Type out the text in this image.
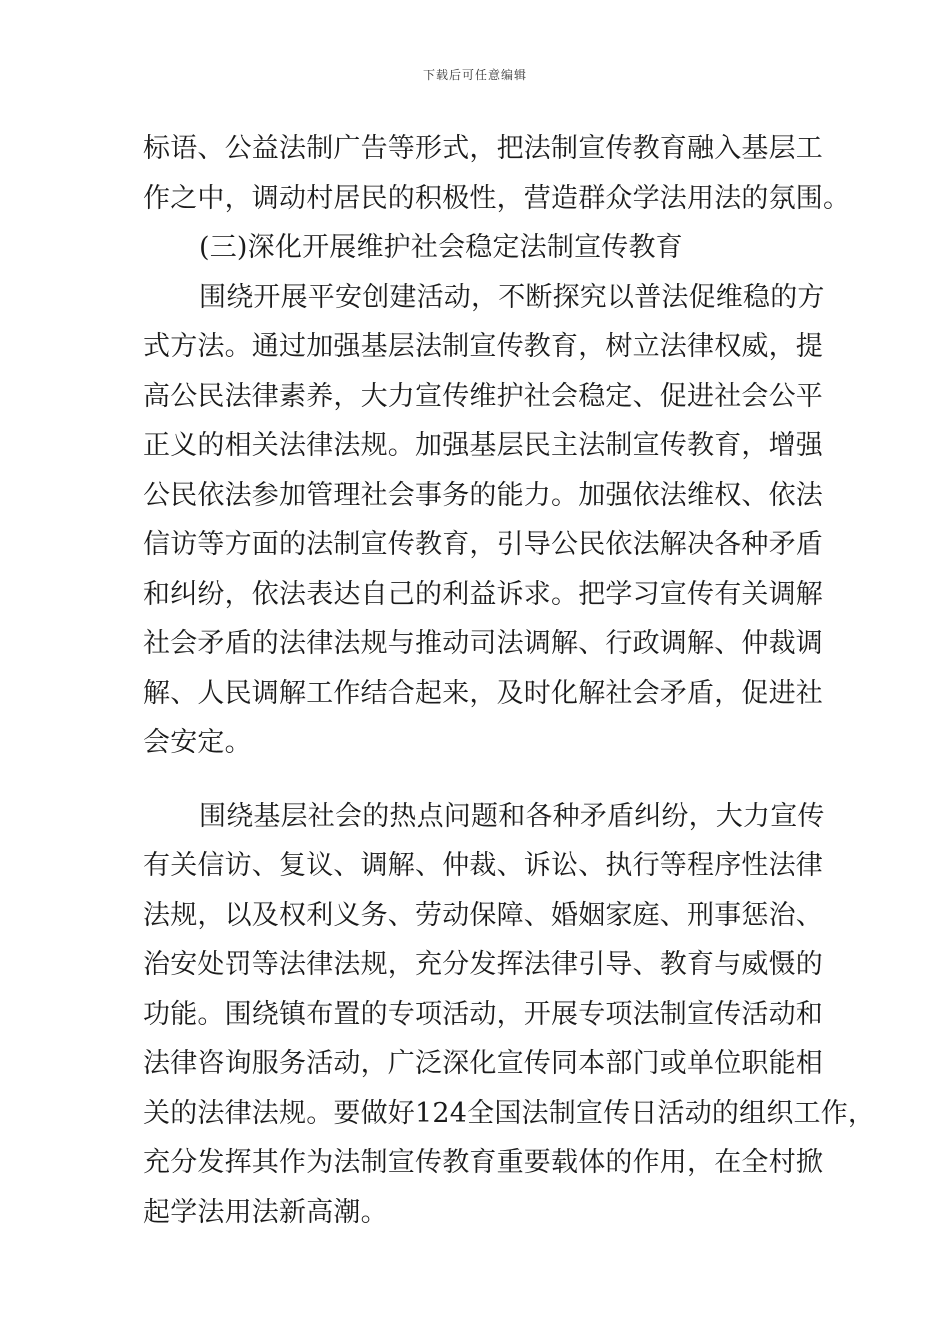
下载后可任意编辑
标语、公益法制广告等形式，把法制宣传教育融入基层工
作之中，调动村居民的积极性，营造群众学法用法的氛围。
(三)深化开展维护社会稳定法制宣传教育
围绕开展平安创建活动，不断探究以普法促维稳的方
式方法。通过加强基层法制宣传教育，树立法律权威，提
高公民法律素养，大力宣传维护社会稳定、促进社会公平
正义的相关法律法规。加强基层民主法制宣传教育，增强
公民依法参加管理社会事务的能力。加强依法维权、依法
信访等方面的法制宣传教育，引导公民依法解决各种矛盾
和纠纷，依法表达自己的利益诉求。把学习宣传有关调解
社会矛盾的法律法规与推动司法调解、行政调解、仲裁调
解、人民调解工作结合起来，及时化解社会矛盾，促进社
会安定。
围绕基层社会的热点问题和各种矛盾纠纷，大力宣传
有关信访、复议、调解、仲裁、诉讼、执行等程序性法律
法规，以及权利义务、劳动保障、婚姻家庭、刑事惩治、
治安处罚等法律法规，充分发挥法律引导、教育与威慑的
功能。围绕镇布置的专项活动，开展专项法制宣传活动和
法律咨询服务活动，广泛深化宣传同本部门或单位职能相
关的法律法规。要做好124全国法制宣传日活动的组织工作，
充分发挥其作为法制宣传教育重要载体的作用，在全村掀
起学法用法新高潮。
